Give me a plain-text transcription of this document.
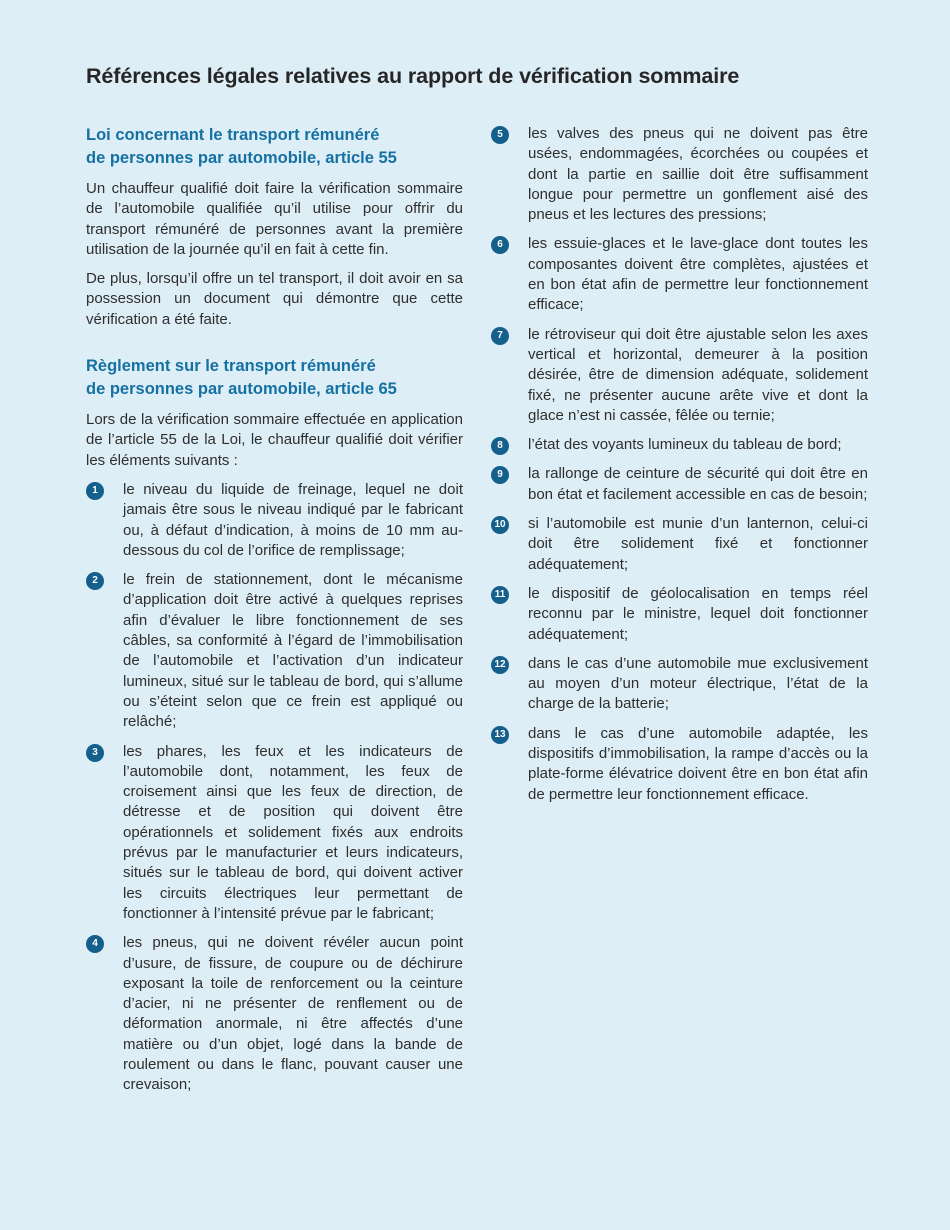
Références légales relatives au rapport de vérification sommaire
Loi concernant le transport rémunéré
de personnes par automobile, article 55

Un chauffeur qualifié doit faire la vérification sommaire de l’automobile qualifiée qu’il utilise pour offrir du transport rémunéré de personnes avant la première utilisation de la journée qu’il en fait à cette fin.

De plus, lorsqu’il offre un tel transport, il doit avoir en sa possession un document qui démontre que cette vérification a été faite.

Règlement sur le transport rémunéré
de personnes par automobile, article 65

Lors de la vérification sommaire effectuée en application de l’article 55 de la Loi, le chauffeur qualifié doit vérifier les éléments suivants :

1	le niveau du liquide de freinage, lequel ne doit jamais être sous le niveau indiqué par le fabricant ou, à défaut d’indication, à moins de 10 mm au-dessous du col de l’orifice de remplissage;
2	le frein de stationnement, dont le mécanisme d’application doit être activé à quelques reprises afin d’évaluer le libre fonctionnement de ses câbles, sa conformité à l’égard de l’immobilisation de l’automobile et l’activation d’un indicateur lumineux, situé sur le tableau de bord, qui s’allume ou s’éteint selon que ce frein est appliqué ou relâché;
3	les phares, les feux et les indicateurs de l’automobile dont, notamment, les feux de croisement ainsi que les feux de direction, de détresse et de position qui doivent être opérationnels et solidement fixés aux endroits prévus par le manufacturier et leurs indicateurs, situés sur le tableau de bord, qui doivent activer les circuits électriques leur permettant de fonctionner à l’intensité prévue par le fabricant;
4	les pneus, qui ne doivent révéler aucun point d’usure, de fissure, de coupure ou de déchirure exposant la toile de renforcement ou la ceinture d’acier, ni ne présenter de renflement ou de déformation anormale, ni être affectés d’une matière ou d’un objet, logé dans la bande de roulement ou dans le flanc, pouvant causer une crevaison;
5	les valves des pneus qui ne doivent pas être usées, endommagées, écorchées ou coupées et dont la partie en saillie doit être suffisamment longue pour permettre un gonflement aisé des pneus et les lectures des pressions;
6	les essuie-glaces et le lave-glace dont toutes les composantes doivent être complètes, ajustées et en bon état afin de permettre leur fonctionnement efficace;
7	le rétroviseur qui doit être ajustable selon les axes vertical et horizontal, demeurer à la position désirée, être de dimension adéquate, solidement fixé, ne présenter aucune arête vive et dont la glace n’est ni cassée, fêlée ou ternie;
8	l’état des voyants lumineux du tableau de bord;
9	la rallonge de ceinture de sécurité qui doit être en bon état et facilement accessible en cas de besoin;
10 si l’automobile est munie d’un lanternon, celui-ci doit être solidement fixé et fonctionner adéquatement;
11 le dispositif de géolocalisation en temps réel reconnu par le ministre, lequel doit fonctionner adéquatement;
12 dans le cas d’une automobile mue exclusivement au moyen d’un moteur électrique, l’état de la charge de la batterie;
13 dans le cas d’une automobile adaptée, les dispositifs d’immobilisation, la rampe d’accès ou la plate-forme élévatrice doivent être en bon état afin de permettre leur fonctionnement efficace.
